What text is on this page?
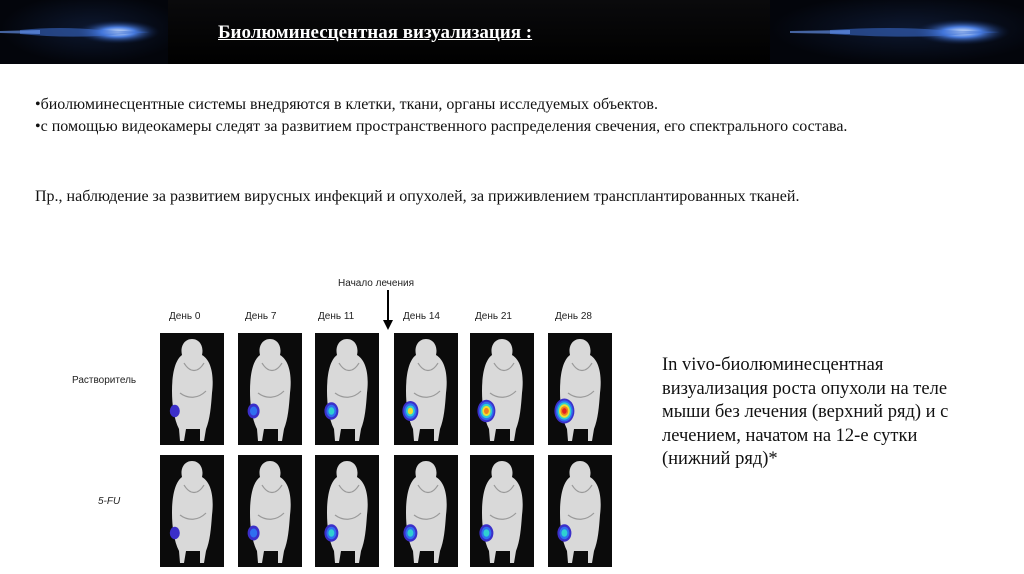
Биолюминесцентная визуализация :

•биолюминесцентные системы внедряются в клетки, ткани, органы исследуемых объектов.

•с помощью видеокамеры следят за развитием пространственного распределения свечения, его спектрального состава.

Пр., наблюдение за развитием вирусных инфекций и опухолей, за приживлением трансплантированных тканей.

Начало лечения
День 0	День 7	День 11	День 14	День 21	День 28
Растворитель
5-FU
In vivo-биолюминесцентная визуализация роста опухоли на теле мыши без лечения (верхний ряд) и с лечением, начатом на 12-е сутки (нижний ряд)*
